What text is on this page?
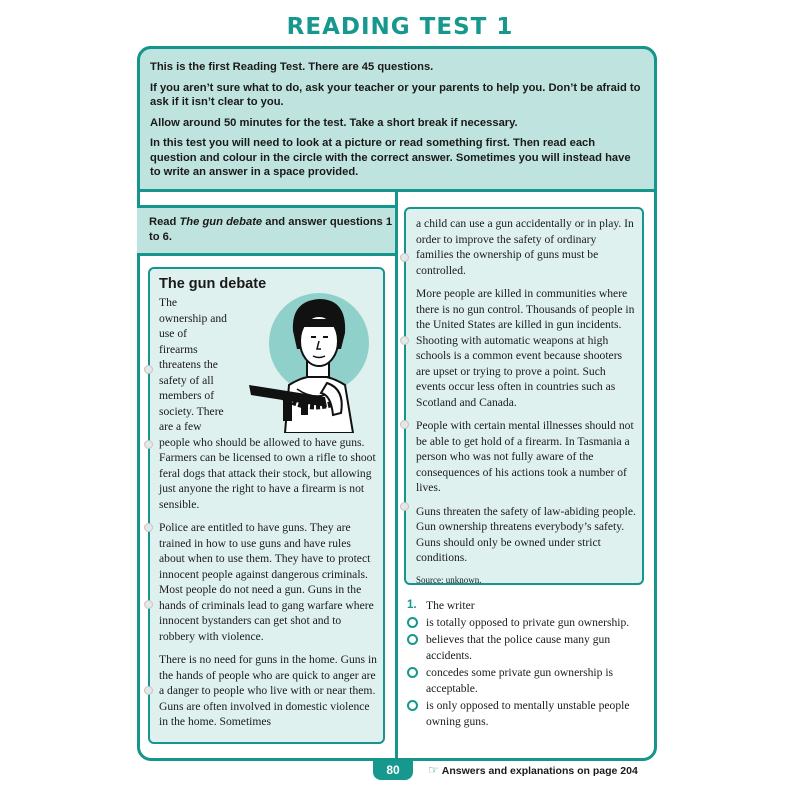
READING TEST 1

This is the first Reading Test. There are 45 questions.

If you aren’t sure what to do, ask your teacher or your parents to help you. Don’t be afraid to ask if it isn’t clear to you.

Allow around 50 minutes for the test. Take a short break if necessary.

In this test you will need to look at a picture or read something first. Then read each question and colour in the circle with the correct answer. Sometimes you will instead have to write an answer in a space provided.

Read The gun debate and answer questions 1 to 6.
The gun debate

The ownership and use of firearms threatens the safety of all members of society. There are a few people who should be allowed to have guns. Farmers can be licensed to own a rifle to shoot feral dogs that attack their stock, but allowing just anyone the right to have a firearm is not sensible.

Police are entitled to have guns. They are trained in how to use guns and have rules about when to use them. They have to protect innocent people against dangerous criminals. Most people do not need a gun. Guns in the hands of criminals lead to gang warfare where innocent bystanders can get shot and to robbery with violence.

There is no need for guns in the home. Guns in the hands of people who are quick to anger are a danger to people who live with or near them. Guns are often involved in domestic violence in the home. Sometimes

a child can use a gun accidentally or in play. In order to improve the safety of ordinary families the ownership of guns must be controlled.

More people are killed in communities where there is no gun control. Thousands of people in the United States are killed in gun incidents. Shooting with automatic weapons at high schools is a common event because shooters are upset or trying to prove a point. Such events occur less often in countries such as Scotland and Canada.

People with certain mental illnesses should not be able to get hold of a firearm. In Tasmania a person who was not fully aware of the consequences of his actions took a number of lives.

Guns threaten the safety of law-abiding people. Gun ownership threatens everybody’s safety. Guns should only be owned under strict conditions.

Source: unknown.
1. The writer
is totally opposed to private gun ownership.
believes that the police cause many gun accidents.
concedes some private gun ownership is acceptable.
is only opposed to mentally unstable people owning guns.
80	☞ Answers and explanations on page 204
